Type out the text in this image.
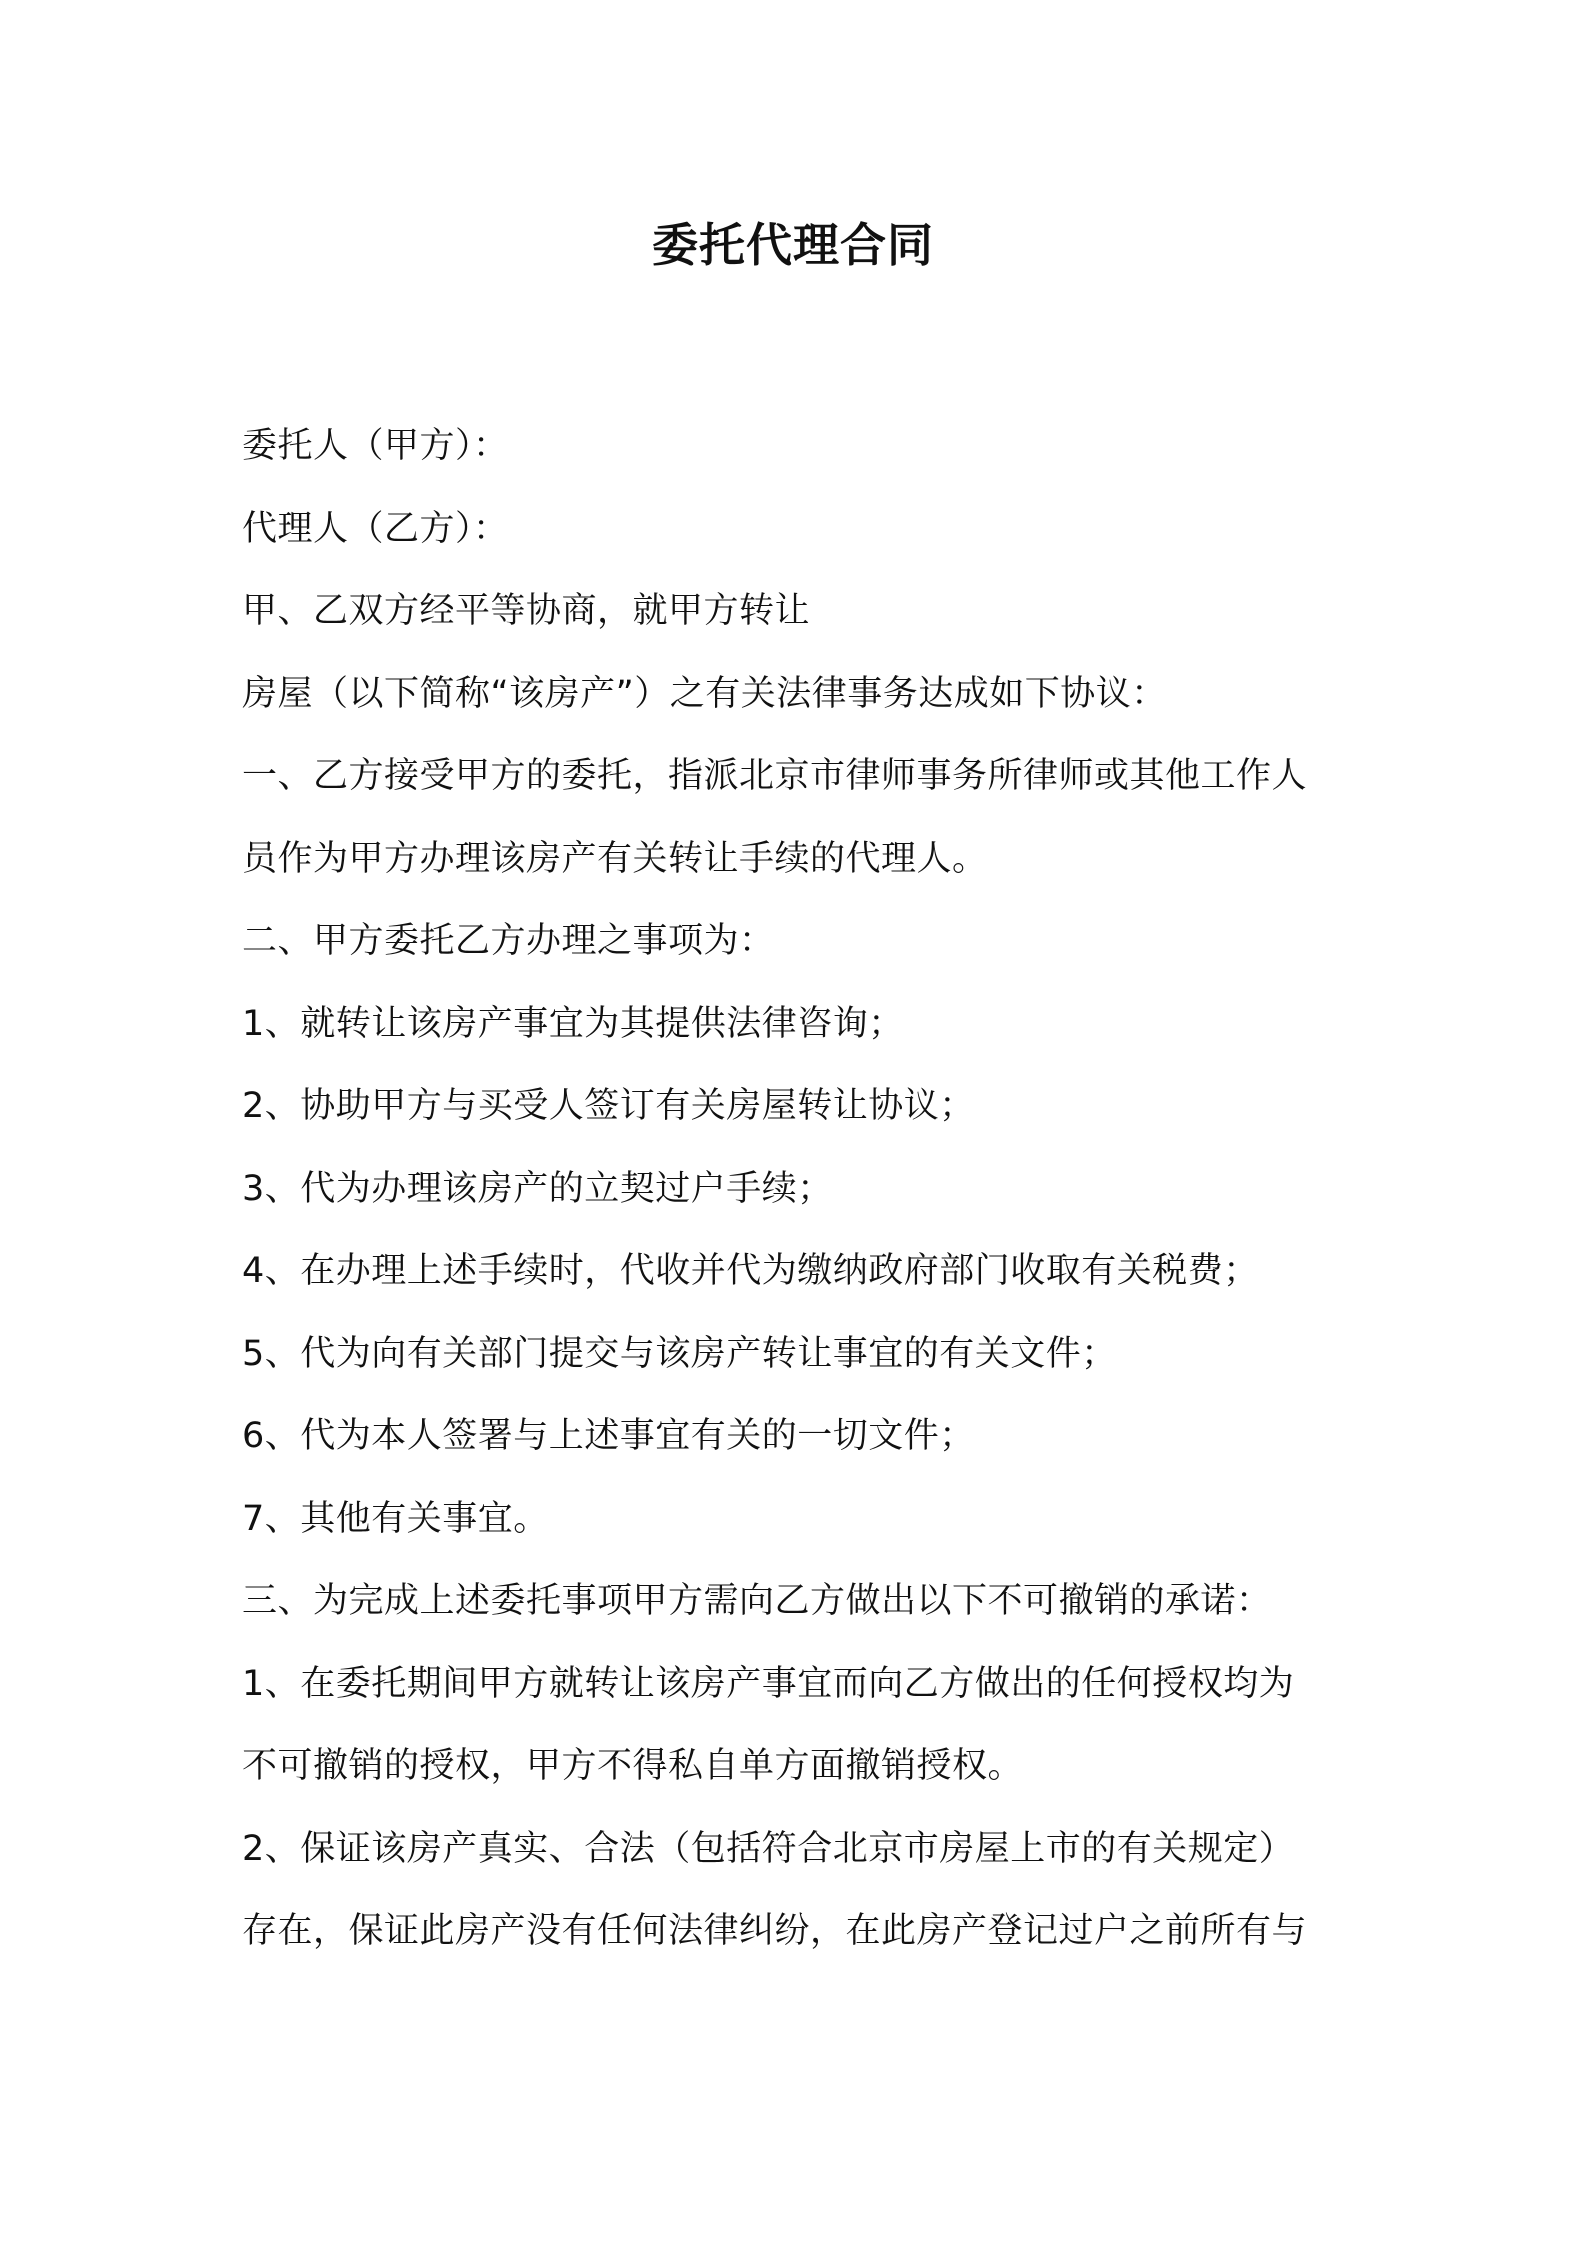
委托代理合同
委托人（甲方）：
代理人（乙方）：
甲、乙双方经平等协商，就甲方转让
房屋（以下简称“该房产”）之有关法律事务达成如下协议：
一、乙方接受甲方的委托，指派北京市律师事务所律师或其他工作人
员作为甲方办理该房产有关转让手续的代理人。
二、甲方委托乙方办理之事项为：
1、就转让该房产事宜为其提供法律咨询；
2、协助甲方与买受人签订有关房屋转让协议；
3、代为办理该房产的立契过户手续；
4、在办理上述手续时，代收并代为缴纳政府部门收取有关税费；
5、代为向有关部门提交与该房产转让事宜的有关文件；
6、代为本人签署与上述事宜有关的一切文件；
7、其他有关事宜。
三、为完成上述委托事项甲方需向乙方做出以下不可撤销的承诺：
1、在委托期间甲方就转让该房产事宜而向乙方做出的任何授权均为
不可撤销的授权，甲方不得私自单方面撤销授权。
2、保证该房产真实、合法（包括符合北京市房屋上市的有关规定）
存在，保证此房产没有任何法律纠纷，在此房产登记过户之前所有与
